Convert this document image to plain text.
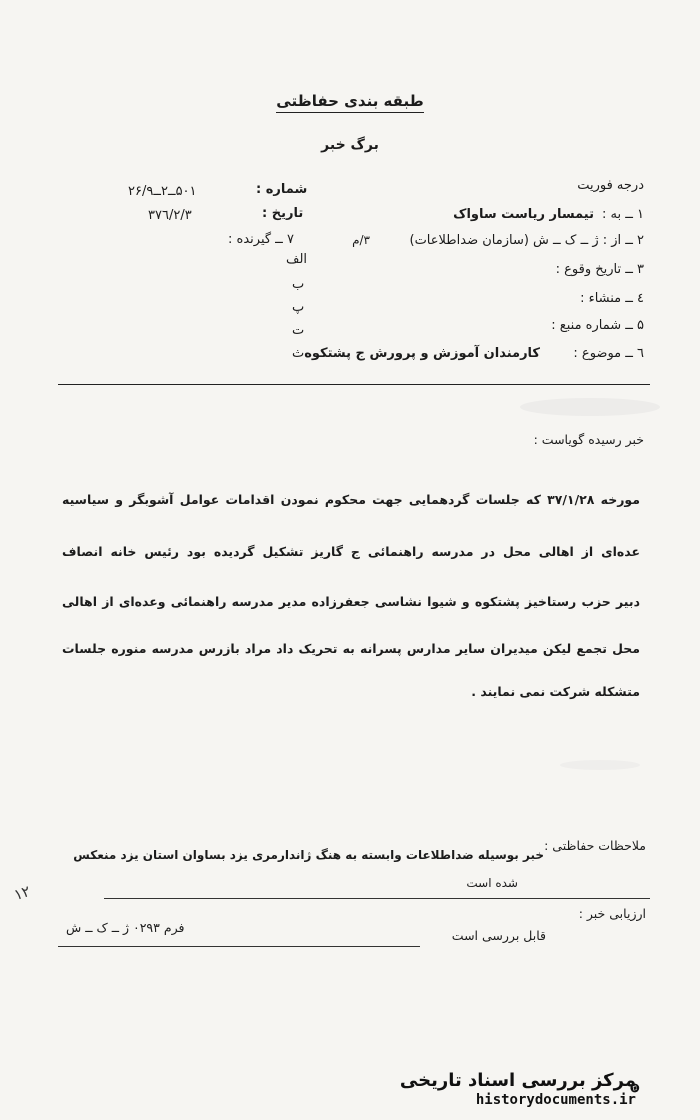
طبقه بندی حفاظتی
برگ خبر
درجه فوریت
۱ ــ به :
تیمسار ریاست ساواک
۲ ــ از : ژ ــ ک ــ ش (سازمان ضداطلاعات)
۳/م
۳ ــ تاریخ وقوع :
٤ ــ منشاء :
۵ ــ شماره منبع :
٦ ــ موضوع :
کارمندان آموزش و پرورش ج پشتکوه
شماره :
۵۰۱ــ۲ــ۲۶/۹
تاریخ :
۳۷٦/۲/۳
۷ ــ گیرنده :
الف
ب
پ
ت
ث
خبر رسیده گویاست :
مورخه ۳۷/۱/۲۸ که جلسات گردهمایی جهت محکوم نمودن اقدامات عوامل آشوبگر و سیاسیه
عده‌ای از اهالی محل در مدرسه راهنمائی ج گاریز تشکیل گردیده بود رئیس خانه انصاف
دبیر حزب رستاخیز پشتکوه و شیوا نشاسی جعفرزاده مدیر مدرسه راهنمائی وعده‌ای از اهالی
محل تجمع لیکن میدیران سایر مدارس پسرانه به تحریک داد مراد بازرس مدرسه منوره جلسات
متشکله شرکت نمی نمایند .
ملاحظات حفاظتی :
خبر بوسیله ضداطلاعات وابسته به هنگ ژاندارمری یزد بساوان استان یزد منعکس
شده است
ارزیابی خبر :
قابل بررسی است
فرم ۰۲۹۳ ژ ــ ک ــ ش
۱۲
مرکز بررسی اسناد تاریخی
historydocuments.ir
